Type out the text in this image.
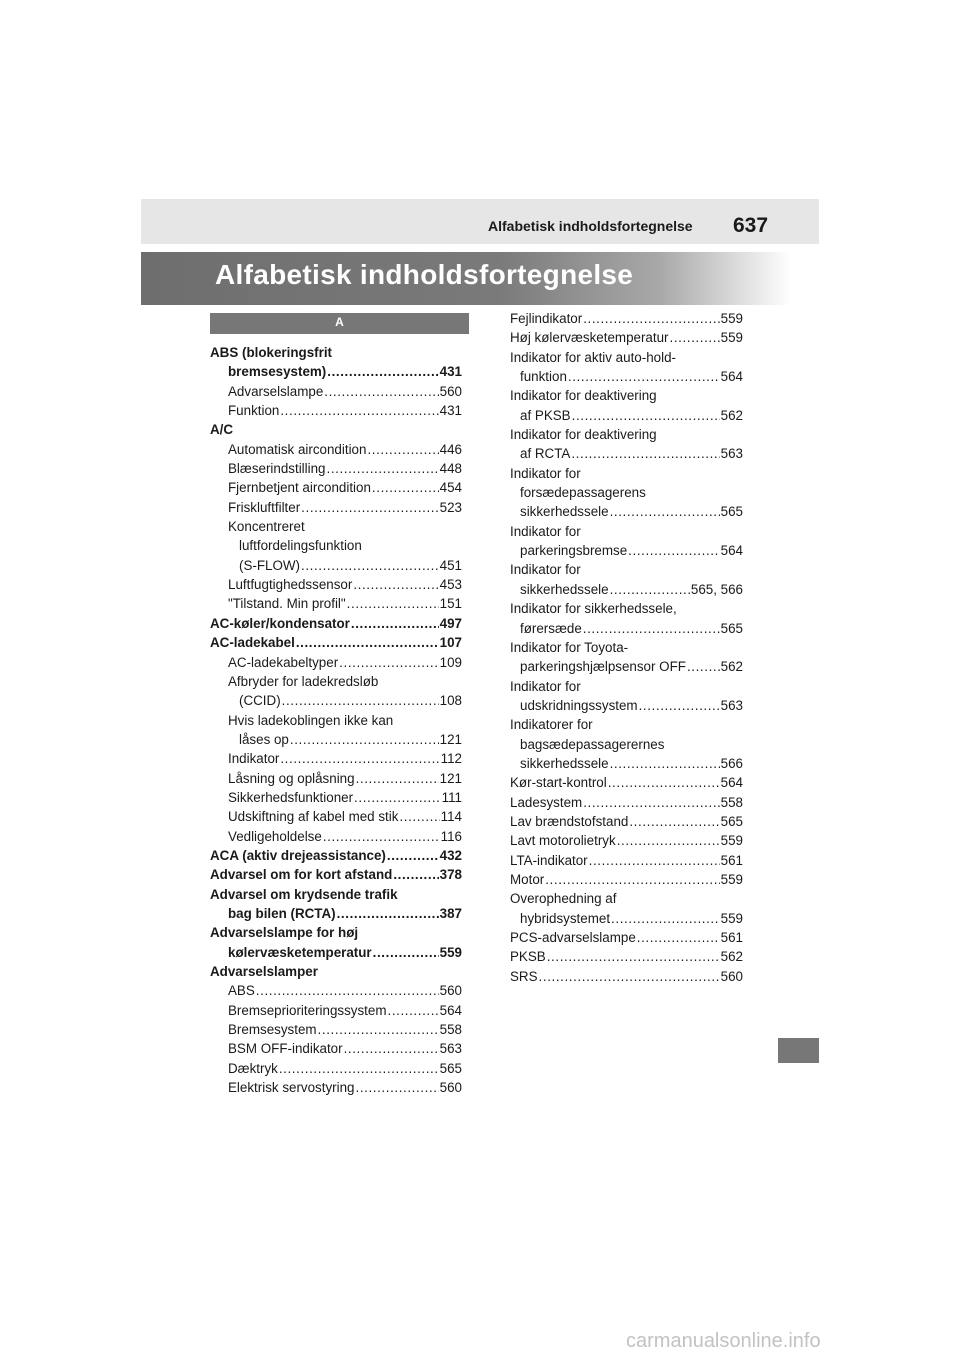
Alfabetisk indholdsfortegnelse 637
Alfabetisk indholdsfortegnelse
A
ABS (blokeringsfrit
bremsesystem) .....	431
Advarselslampe .....	560
Funktion .....	431
A/C
Automatisk aircondition .....	446
Blæserindstilling .....	448
Fjernbetjent aircondition .....	454
Friskluftfilter .....	523
Koncentreret
luftfordelingsfunktion
(S-FLOW) .....	451
Luftfugtighedssensor .....	453
"Tilstand. Min profil" .....	151
AC-køler/kondensator .....	497
AC-ladekabel .....	107
AC-ladekabeltyper .....	109
Afbryder for ladekredsløb
(CCID) .....	108
Hvis ladekoblingen ikke kan
låses op .....	121
Indikator .....	112
Låsning og oplåsning .....	121
Sikkerhedsfunktioner .....	111
Udskiftning af kabel med stik .....	114
Vedligeholdelse .....	116
ACA (aktiv drejeassistance) .....	432
Advarsel om for kort afstand .....	378
Advarsel om krydsende trafik
bag bilen (RCTA) .....	387
Advarselslampe for høj
kølervæsketemperatur .....	559
Advarselslamper
ABS .....	560
Bremseprioriteringssystem .....	564
Bremsesystem .....	558
BSM OFF-indikator .....	563
Dæktryk .....	565
Elektrisk servostyring .....	560
Fejlindikator .....	559
Høj kølervæsketemperatur .....	559
Indikator for aktiv auto-hold-
funktion .....	564
Indikator for deaktivering
af PKSB .....	562
Indikator for deaktivering
af RCTA .....	563
Indikator for
forsædepassagerens
sikkerhedssele .....	565
Indikator for
parkeringsbremse .....	564
Indikator for
sikkerhedssele .....	565, 566
Indikator for sikkerhedssele,
førersæde .....	565
Indikator for Toyota-
parkeringshjælpsensor OFF .....	562
Indikator for
udskridningssystem .....	563
Indikatorer for
bagsædepassagerernes
sikkerhedssele .....	566
Kør-start-kontrol .....	564
Ladesystem .....	558
Lav brændstofstand .....	565
Lavt motorolietryk .....	559
LTA-indikator .....	561
Motor .....	559
Overophedning af
hybridsystemet .....	559
PCS-advarselslampe .....	561
PKSB .....	562
SRS .....	560
carmanualsonline.info
